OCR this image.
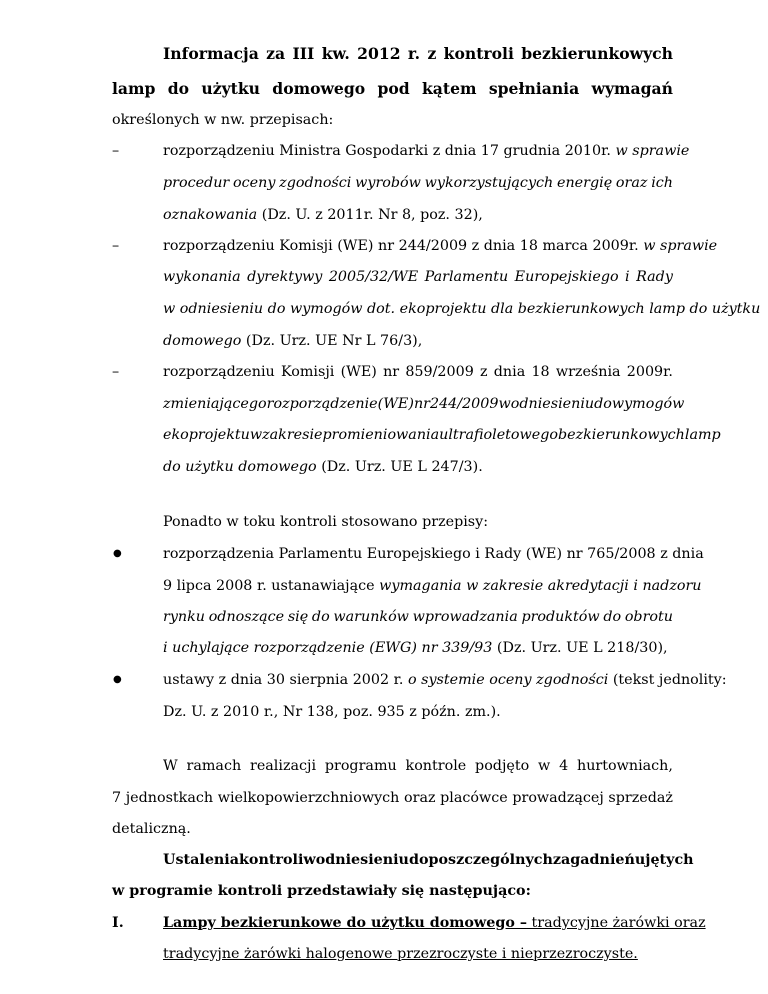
Informacja za III kw. 2012 r. z kontroli bezkierunkowych
lamp do użytku domowego pod kątem spełniania wymagań
określonych w nw. przepisach:
–	rozporządzeniu Ministra Gospodarki z dnia 17 grudnia 2010r. w sprawie
procedur oceny zgodności wyrobów wykorzystujących energię oraz ich
oznakowania (Dz. U. z 2011r. Nr 8, poz. 32),
–	rozporządzeniu Komisji (WE) nr 244/2009 z dnia 18 marca 2009r. w sprawie
wykonania dyrektywy 2005/32/WE Parlamentu Europejskiego i Rady
w odniesieniu do wymogów dot. ekoprojektu dla bezkierunkowych lamp do użytku
domowego (Dz. Urz. UE Nr L 76/3),
–	rozporządzeniu Komisji (WE) nr 859/2009 z dnia 18 września 2009r.
zmieniającego rozporządzenie (WE) nr 244/2009 w odniesieniu do wymogów
ekoprojektu w zakresie promieniowania ultrafioletowego bezkierunkowych lamp
do użytku domowego (Dz. Urz. UE L 247/3).
Ponadto w toku kontroli stosowano przepisy:
●	rozporządzenia Parlamentu Europejskiego i Rady (WE) nr 765/2008 z dnia
9 lipca 2008 r. ustanawiające wymagania w zakresie akredytacji i nadzoru
rynku odnoszące się do warunków wprowadzania produktów do obrotu
i uchylające rozporządzenie (EWG) nr 339/93 (Dz. Urz. UE L 218/30),
●	ustawy z dnia 30 sierpnia 2002 r. o systemie oceny zgodności (tekst jednolity:
Dz. U. z 2010 r., Nr 138, poz. 935 z późn. zm.).
W ramach realizacji programu kontrole podjęto w 4 hurtowniach,
7 jednostkach wielkopowierzchniowych oraz placówce prowadzącej sprzedaż
detaliczną.
Ustalenia kontroli w odniesieniu do poszczególnych zagadnień ujętych
w programie kontroli przedstawiały się następująco:
I.	Lampy bezkierunkowe do użytku domowego – tradycyjne żarówki oraz
tradycyjne żarówki halogenowe przezroczyste i nieprzezroczyste.
